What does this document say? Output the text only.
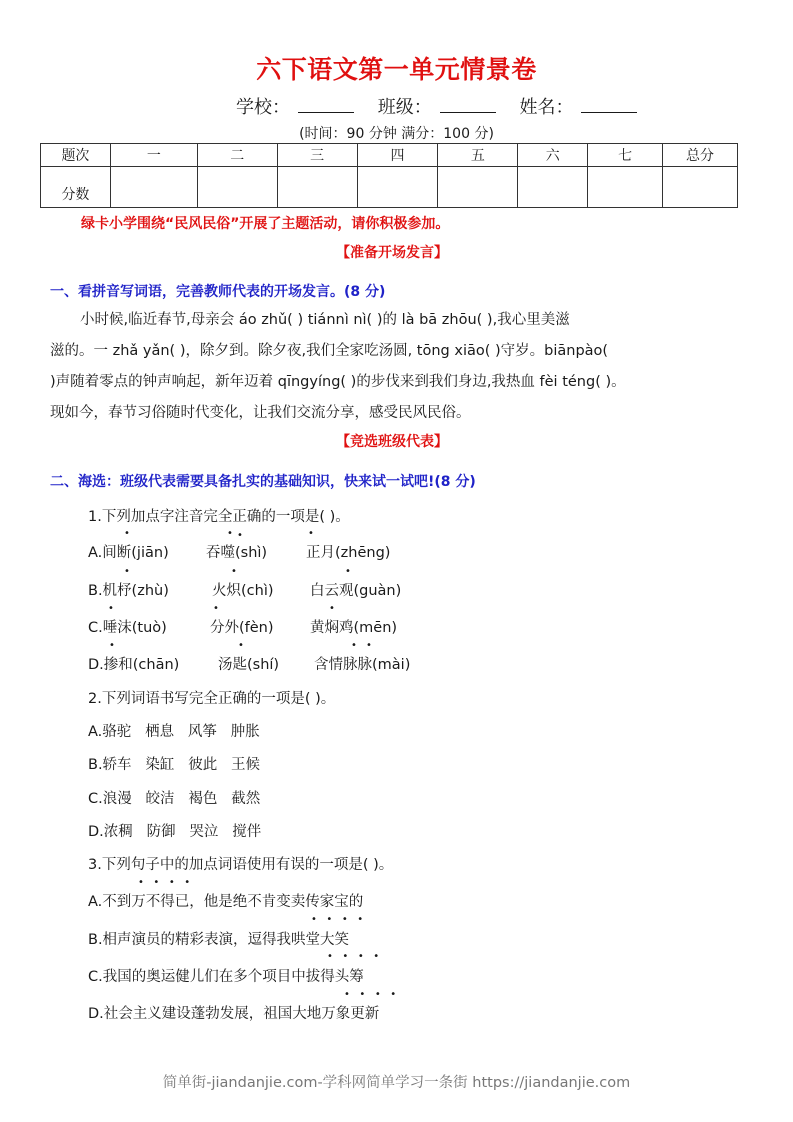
六下语文第一单元情景卷
学校：	班级：	姓名：
(时间：90 分钟 满分：100 分)
题次	一	二	三	四	五	六	七	总分
分数								
绿卡小学围绕“民风民俗”开展了主题活动，请你积极参加。
【准备开场发言】
一、看拼音写词语，完善教师代表的开场发言。(8 分)
小时候,临近春节,母亲会 áo zhǔ( ) tiánnì nì( )的 là bā zhōu( ),我心里美滋
滋的。一 zhǎ yǎn( )，除夕到。除夕夜,我们全家吃汤圆, tōng xiāo( )守岁。biānpào(
)声随着零点的钟声响起，新年迈着 qīngyíng( )的步伐来到我们身边,我热血 fèi téng( )。
现如今，春节习俗随时代变化，让我们交流分享，感受民风民俗。
【竞选班级代表】
二、海选：班级代表需要具备扎实的基础知识，快来试一试吧!(8 分)
1.下列加点字注音完全正确的一项是( )。
A.间断(jiān)	吞噬(shì)	正月(zhēng)
B.机杼(zhù)	火炽(chì)	白云观(guàn)
C.唾沫(tuò)	分外(fèn)	黄焖鸡(mēn)
D.掺和(chān)	汤匙(shí) 含情脉脉(mài)
•	• •	•
•	•	•
•	•	•
•	•	• •
2.下列词语书写完全正确的一项是( )。
A.骆驼   栖息   风筝   肿胀
B.轿车   染缸   彼此   王候
C.浪漫   皎洁   褐色   截然
D.浓稠   防御   哭泣   搅伴
3.下列句子中的加点词语使用有误的一项是( )。
A.不到万不得已，他是绝不肯变卖传家宝的
B.相声演员的精彩表演，逗得我哄堂大笑
C.我国的奥运健儿们在多个项目中拔得头筹
D.社会主义建设蓬勃发展，祖国大地万象更新
•   •   •   •
•   •   •   •
•   •   •   •
•   •   •   •
简单街-jiandanjie.com-学科网简单学习一条街 https://jiandanjie.com
